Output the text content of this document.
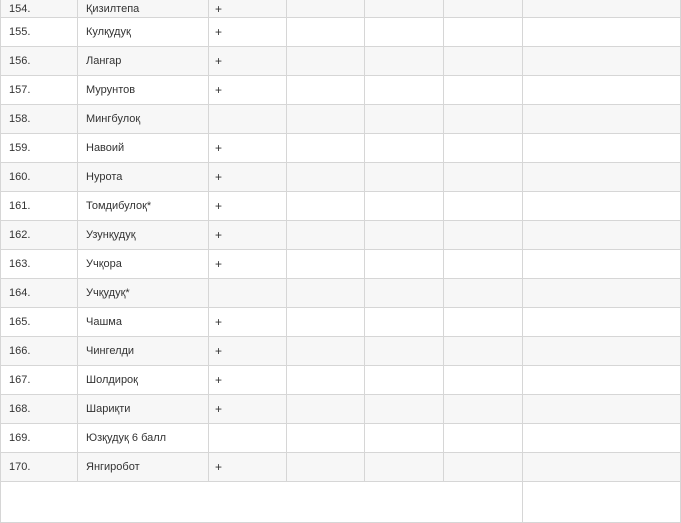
154.	Қизилтепа	+				
155.	Кулқудуқ	+				
156.	Лангар	+				
157.	Мурунтов	+				
158.	Мингбулоқ					
159.	Навоий	+				
160.	Нурота	+				
161.	Томдибулоқ*	+				
162.	Узунқудуқ	+				
163.	Учқора	+				
164.	Учқудуқ*					
165.	Чашма	+				
166.	Чингелди	+				
167.	Шолдироқ	+				
168.	Шариқти	+				
169.	Юзқудуқ 6 балл					
170.	Янгиробот	+				
